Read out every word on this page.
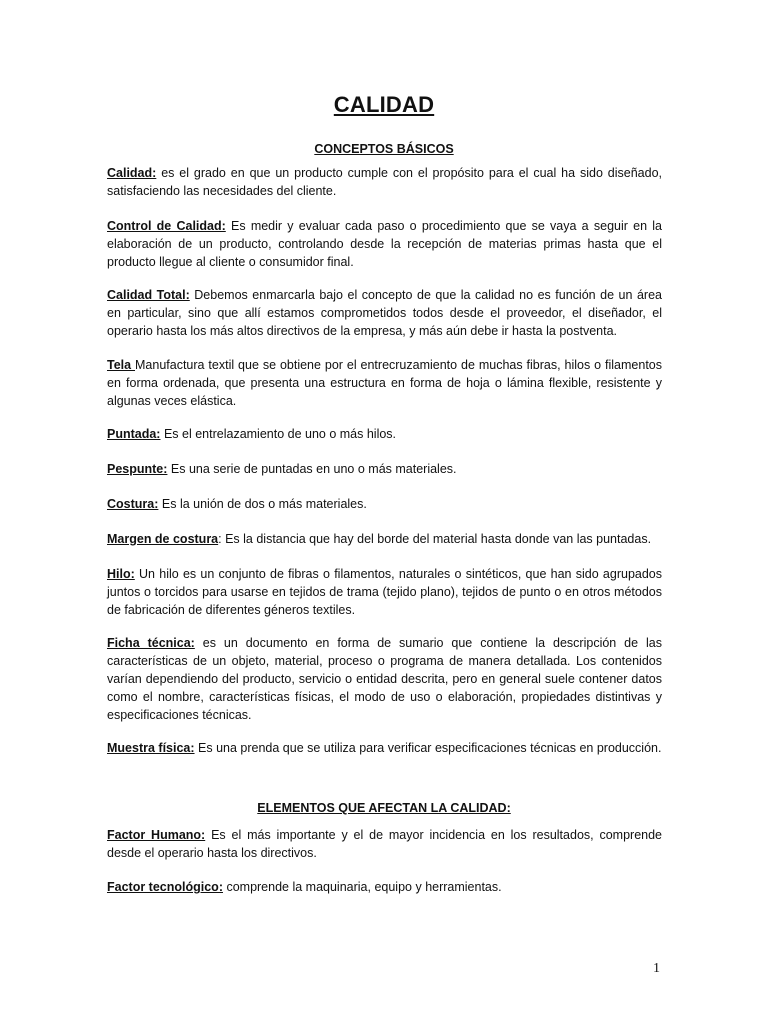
CALIDAD
CONCEPTOS BÁSICOS

Calidad: es el grado en que un producto cumple con el propósito para el cual ha sido diseñado, satisfaciendo las necesidades del cliente.

Control de Calidad: Es medir y evaluar cada paso o procedimiento que se vaya a seguir en la elaboración de un producto, controlando desde la recepción de materias primas hasta que el producto llegue al cliente o consumidor final.

Calidad Total: Debemos enmarcarla bajo el concepto de que la calidad no es función de un área en particular, sino que allí estamos comprometidos todos desde el proveedor, el diseñador, el operario hasta los más altos directivos de la empresa, y más aún debe ir hasta la postventa.

Tela Manufactura textil que se obtiene por el entrecruzamiento de muchas fibras, hilos o filamentos en forma ordenada, que presenta una estructura en forma de hoja o lámina flexible, resistente y algunas veces elástica.

Puntada: Es el entrelazamiento de uno o más hilos.

Pespunte: Es una serie de puntadas en uno o más materiales.

Costura: Es la unión de dos o más materiales.

Margen de costura: Es la distancia que hay del borde del material hasta donde van las puntadas.

Hilo: Un hilo es un conjunto de fibras o filamentos, naturales o sintéticos, que han sido agrupados juntos o torcidos para usarse en tejidos de trama (tejido plano), tejidos de punto o en otros métodos de fabricación de diferentes géneros textiles.

Ficha técnica: es un documento en forma de sumario que contiene la descripción de las características de un objeto, material, proceso o programa de manera detallada. Los contenidos varían dependiendo del producto, servicio o entidad descrita, pero en general suele contener datos como el nombre, características físicas, el modo de uso o elaboración, propiedades distintivas y especificaciones técnicas.

Muestra física: Es una prenda que se utiliza para verificar especificaciones técnicas en producción.

ELEMENTOS QUE AFECTAN LA CALIDAD:

Factor Humano: Es el más importante y el de mayor incidencia en los resultados, comprende desde el operario hasta los directivos.

Factor tecnológico: comprende la maquinaria, equipo y herramientas.

1
